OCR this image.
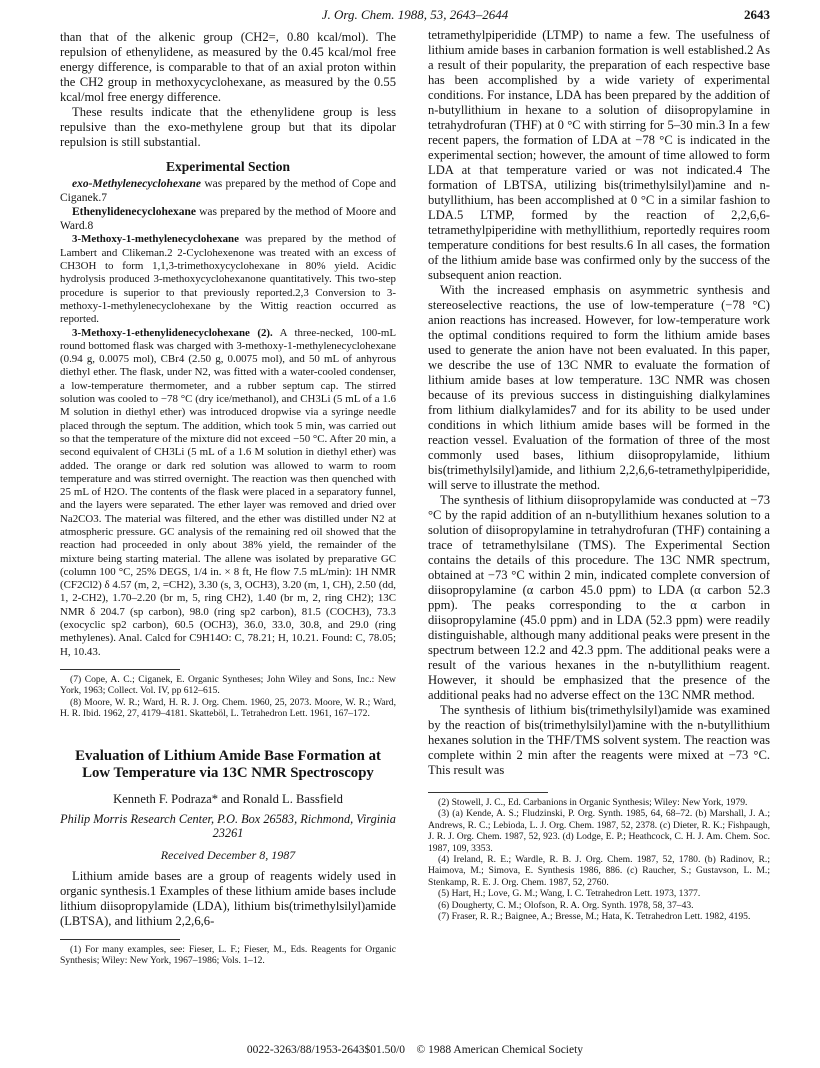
J. Org. Chem. 1988, 53, 2643–2644	2643

than that of the alkenic group (CH2=, 0.80 kcal/mol). The repulsion of ethenylidene, as measured by the 0.45 kcal/mol free energy difference, is comparable to that of an axial proton within the CH2 group in methoxycyclohexane, as measured by the 0.55 kcal/mol free energy difference.

These results indicate that the ethenylidene group is less repulsive than the exo-methylene group but that its dipolar repulsion is still substantial.

Experimental Section

exo-Methylenecyclohexane was prepared by the method of Cope and Ciganek.7

Ethenylidenecyclohexane was prepared by the method of Moore and Ward.8

3-Methoxy-1-methylenecyclohexane was prepared by the method of Lambert and Clikeman.2 2-Cyclohexenone was treated with an excess of CH3OH to form 1,1,3-trimethoxycyclohexane in 80% yield. Acidic hydrolysis produced 3-methoxycyclohexanone quantitatively. This two-step procedure is superior to that previously reported.2,3 Conversion to 3-methoxy-1-methylenecyclohexane by the Wittig reaction occurred as reported.

3-Methoxy-1-ethenylidenecyclohexane (2). A three-necked, 100-mL round bottomed flask was charged with 3-methoxy-1-methylenecyclohexane (0.94 g, 0.0075 mol), CBr4 (2.50 g, 0.0075 mol), and 50 mL of anhyrous diethyl ether. The flask, under N2, was fitted with a water-cooled condenser, a low-temperature thermometer, and a rubber septum cap. The stirred solution was cooled to −78 °C (dry ice/methanol), and CH3Li (5 mL of a 1.6 M solution in diethyl ether) was introduced dropwise via a syringe needle placed through the septum. The addition, which took 5 min, was carried out so that the temperature of the mixture did not exceed −50 °C. After 20 min, a second equivalent of CH3Li (5 mL of a 1.6 M solution in diethyl ether) was added. The orange or dark red solution was allowed to warm to room temperature and was stirred overnight. The reaction was then quenched with 25 mL of H2O. The contents of the flask were placed in a separatory funnel, and the layers were separated. The ether layer was removed and dried over Na2CO3. The material was filtered, and the ether was distilled under N2 at atmospheric pressure. GC analysis of the remaining red oil showed that the reaction had proceeded in only about 38% yield, the remainder of the mixture being starting material. The allene was isolated by preparative GC (column 100 °C, 25% DEGS, 1/4 in. × 8 ft, He flow 7.5 mL/min): 1H NMR (CF2Cl2) δ 4.57 (m, 2, =CH2), 3.30 (s, 3, OCH3), 3.20 (m, 1, CH), 2.50 (dd, 1, 2-CH2), 1.70–2.20 (br m, 5, ring CH2), 1.40 (br m, 2, ring CH2); 13C NMR δ 204.7 (sp carbon), 98.0 (ring sp2 carbon), 81.5 (COCH3), 73.3 (exocyclic sp2 carbon), 60.5 (OCH3), 36.0, 33.0, 30.8, and 29.0 (ring methylenes). Anal. Calcd for C9H14O: C, 78.21; H, 10.21. Found: C, 78.05; H, 10.43.

(7) Cope, A. C.; Ciganek, E. Organic Syntheses; John Wiley and Sons, Inc.: New York, 1963; Collect. Vol. IV, pp 612–615.

(8) Moore, W. R.; Ward, H. R. J. Org. Chem. 1960, 25, 2073. Moore, W. R.; Ward, H. R. Ibid. 1962, 27, 4179–4181. Skatteböl, L. Tetrahedron Lett. 1961, 167–172.

Evaluation of Lithium Amide Base Formation at Low Temperature via 13C NMR Spectroscopy
Kenneth F. Podraza* and Ronald L. Bassfield
Philip Morris Research Center, P.O. Box 26583, Richmond, Virginia 23261
Received December 8, 1987

Lithium amide bases are a group of reagents widely used in organic synthesis.1 Examples of these lithium amide bases include lithium diisopropylamide (LDA), lithium bis(trimethylsilyl)amide (LBTSA), and lithium 2,2,6,6-

(1) For many examples, see: Fieser, L. F.; Fieser, M., Eds. Reagents for Organic Synthesis; Wiley: New York, 1967–1986; Vols. 1–12.

tetramethylpiperidide (LTMP) to name a few. The usefulness of lithium amide bases in carbanion formation is well established.2 As a result of their popularity, the preparation of each respective base has been accomplished by a wide variety of experimental conditions. For instance, LDA has been prepared by the addition of n-butyllithium in hexane to a solution of diisopropylamine in tetrahydrofuran (THF) at 0 °C with stirring for 5–30 min.3 In a few recent papers, the formation of LDA at −78 °C is indicated in the experimental section; however, the amount of time allowed to form LDA at that temperature varied or was not indicated.4 The formation of LBTSA, utilizing bis(trimethylsilyl)amine and n-butyllithium, has been accomplished at 0 °C in a similar fashion to LDA.5 LTMP, formed by the reaction of 2,2,6,6-tetramethylpiperidine with methyllithium, reportedly requires room temperature conditions for best results.6 In all cases, the formation of the lithium amide base was confirmed only by the success of the subsequent anion reaction.

With the increased emphasis on asymmetric synthesis and stereoselective reactions, the use of low-temperature (−78 °C) anion reactions has increased. However, for low-temperature work the optimal conditions required to form the lithium amide bases used to generate the anion have not been evaluated. In this paper, we describe the use of 13C NMR to evaluate the formation of lithium amide bases at low temperature. 13C NMR was chosen because of its previous success in distinguishing dialkylamines from lithium dialkylamides7 and for its ability to be used under conditions in which lithium amide bases will be formed in the reaction vessel. Evaluation of the formation of three of the most commonly used bases, lithium diisopropylamide, lithium bis(trimethylsilyl)amide, and lithium 2,2,6,6-tetramethylpiperidide, will serve to illustrate the method.

The synthesis of lithium diisopropylamide was conducted at −73 °C by the rapid addition of an n-butyllithium hexanes solution to a solution of diisopropylamine in tetrahydrofuran (THF) containing a trace of tetramethylsilane (TMS). The Experimental Section contains the details of this procedure. The 13C NMR spectrum, obtained at −73 °C within 2 min, indicated complete conversion of diisopropylamine (α carbon 45.0 ppm) to LDA (α carbon 52.3 ppm). The peaks corresponding to the α carbon in diisopropylamine (45.0 ppm) and in LDA (52.3 ppm) were readily distinguishable, although many additional peaks were present in the spectrum between 12.2 and 42.3 ppm. The additional peaks were a result of the various hexanes in the n-butyllithium reagent. However, it should be emphasized that the presence of the additional peaks had no adverse effect on the 13C NMR method.

The synthesis of lithium bis(trimethylsilyl)amide was examined by the reaction of bis(trimethylsilyl)amine with the n-butyllithium hexanes solution in the THF/TMS solvent system. The reaction was complete within 2 min after the reagents were mixed at −73 °C. This result was

(2) Stowell, J. C., Ed. Carbanions in Organic Synthesis; Wiley: New York, 1979.

(3) (a) Kende, A. S.; Fludzinski, P. Org. Synth. 1985, 64, 68–72. (b) Marshall, J. A.; Andrews, R. C.; Lebioda, L. J. Org. Chem. 1987, 52, 2378. (c) Dieter, R. K.; Fishpaugh, J. R. J. Org. Chem. 1987, 52, 923. (d) Lodge, E. P.; Heathcock, C. H. J. Am. Chem. Soc. 1987, 109, 3353.

(4) Ireland, R. E.; Wardle, R. B. J. Org. Chem. 1987, 52, 1780. (b) Radinov, R.; Haimova, M.; Simova, E. Synthesis 1986, 886. (c) Raucher, S.; Gustavson, L. M.; Stenkamp, R. E. J. Org. Chem. 1987, 52, 2760.

(5) Hart, H.; Love, G. M.; Wang, I. C. Tetrahedron Lett. 1973, 1377.

(6) Dougherty, C. M.; Olofson, R. A. Org. Synth. 1978, 58, 37–43.

(7) Fraser, R. R.; Baignee, A.; Bresse, M.; Hata, K. Tetrahedron Lett. 1982, 4195.

0022-3263/88/1953-2643$01.50/0 © 1988 American Chemical Society
